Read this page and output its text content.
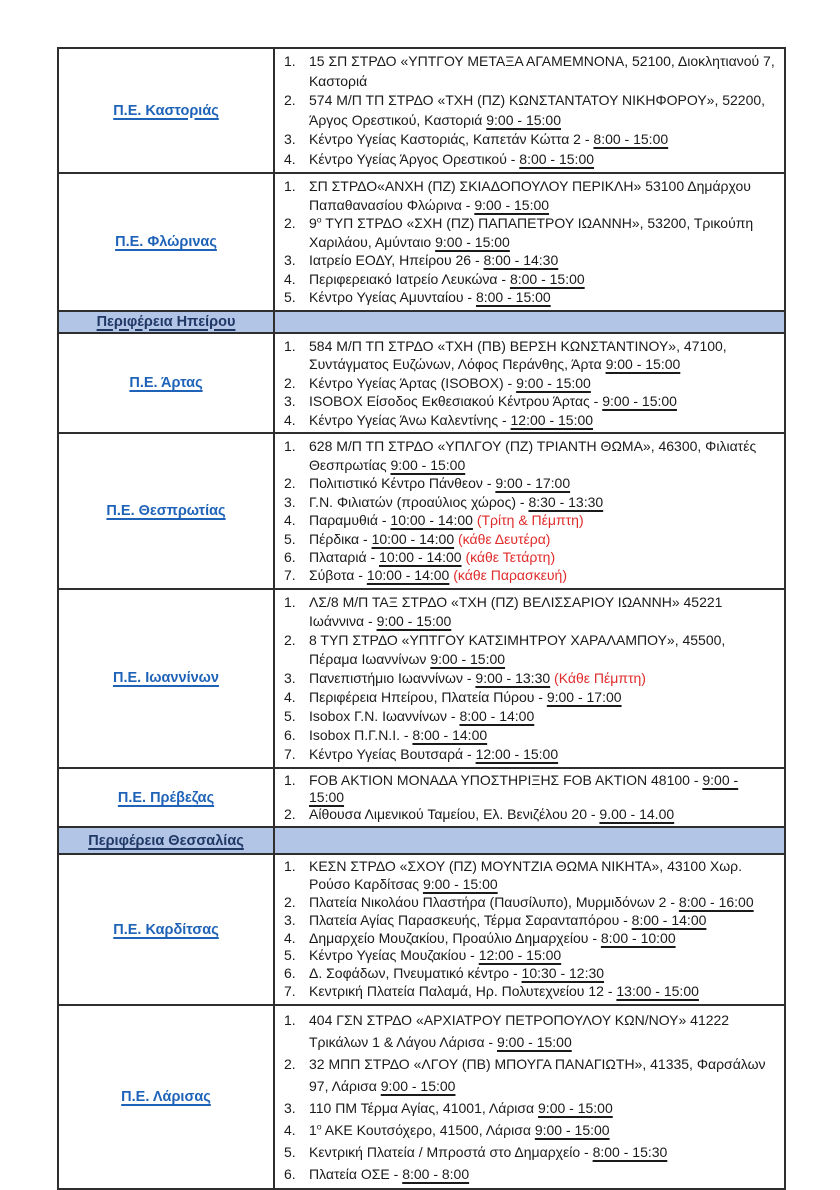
Π.Ε. Καστοριάς
1. 15 ΣΠ ΣΤΡΔΟ «ΥΠΤΓΟΥ ΜΕΤΑΞΑ ΑΓΑΜΕΜΝΟΝΑ, 52100, Διοκλητιανού 7, Καστοριά
2. 574 Μ/Π ΤΠ ΣΤΡΔΟ «ΤΧΗ (ΠΖ) ΚΩΝΣΤΑΝΤΑΤΟΥ ΝΙΚΗΦΟΡΟΥ», 52200, Άργος Ορεστικού, Καστοριά 9:00 - 15:00
3. Κέντρο Υγείας Καστοριάς, Καπετάν Κώττα 2 - 8:00 - 15:00
4. Κέντρο Υγείας Άργος Ορεστικού - 8:00 - 15:00
Π.Ε. Φλώρινας
1. ΣΠ ΣΤΡΔΟ«ΑΝΧΗ (ΠΖ) ΣΚΙΑΔΟΠΟΥΛΟΥ ΠΕΡΙΚΛΗ» 53100 Δημάρχου Παπαθανασίου Φλώρινα - 9:00 - 15:00
2. $9^o$ ΤΥΠ ΣΤΡΔΟ «ΣΧΗ (ΠΖ) ΠΑΠΑΠΕΤΡΟΥ ΙΩΑΝΝΗ», 53200, Τρικούπη Χαριλάου, Αμύνταιο 9:00 - 15:00
3. Ιατρείο ΕΟΔΥ, Ηπείρου 26 - 8:00 - 14:30
4. Περιφερειακό Ιατρείο Λευκώνα - 8:00 - 15:00
5. Κέντρο Υγείας Αμυνταίου - 8:00 - 15:00
Περιφέρεια Ηπείρου
Π.Ε. Άρτας
1. 584 Μ/Π ΤΠ ΣΤΡΔΟ «ΤΧΗ (ΠΒ) ΒΕΡΣΗ ΚΩΝΣΤΑΝΤΙΝΟΥ», 47100, Συντάγματος Ευζώνων, Λόφος Περάνθης, Άρτα 9:00 - 15:00
2. Κέντρο Υγείας Άρτας (ISOBOX) - 9:00 - 15:00
3. ISOBOX Είσοδος Εκθεσιακού Κέντρου Άρτας - 9:00 - 15:00
4. Κέντρο Υγείας Άνω Καλεντίνης - 12:00 - 15:00
Π.Ε. Θεσπρωτίας
1. 628 Μ/Π ΤΠ ΣΤΡΔΟ «ΥΠΛΓΟΥ (ΠΖ) ΤΡΙΑΝΤΗ ΘΩΜΑ», 46300, Φιλιατές Θεσπρωτίας 9:00 - 15:00
2. Πολιτιστικό Κέντρο Πάνθεον - 9:00 - 17:00
3. Γ.Ν. Φιλιατών (προαύλιος χώρος) - 8:30 - 13:30
4. Παραμυθιά - 10:00 - 14:00 (Τρίτη & Πέμπτη)
5. Πέρδικα - 10:00 - 14:00 (κάθε Δευτέρα)
6. Πλαταριά - 10:00 - 14:00 (κάθε Τετάρτη)
7. Σύβοτα - 10:00 - 14:00 (κάθε Παρασκευή)
Π.Ε. Ιωαννίνων
1. ΛΣ/8 Μ/Π ΤΑΞ ΣΤΡΔΟ «ΤΧΗ (ΠΖ) ΒΕΛΙΣΣΑΡΙΟΥ ΙΩΑΝΝΗ» 45221 Ιωάννινα - 9:00 - 15:00
2. 8 ΤΥΠ ΣΤΡΔΟ «ΥΠΤΓΟΥ ΚΑΤΣΙΜΗΤΡΟΥ ΧΑΡΑΛΑΜΠΟΥ», 45500, Πέραμα Ιωαννίνων 9:00 - 15:00
3. Πανεπιστήμιο Ιωαννίνων - 9:00 - 13:30 (Κάθε Πέμπτη)
4. Περιφέρεια Ηπείρου, Πλατεία Πύρου - 9:00 - 17:00
5. Isobox Γ.Ν. Ιωαννίνων - 8:00 - 14:00
6. Isobox Π.Γ.Ν.Ι. - 8:00 - 14:00
7. Κέντρο Υγείας Βουτσαρά - 12:00 - 15:00
Π.Ε. Πρέβεζας
1. FOB AKTION ΜΟΝΑΔΑ ΥΠΟΣΤΗΡΙΞΗΣ FOB AKTION 48100 - 9:00 - 15:00
2. Αίθουσα Λιμενικού Ταμείου, Ελ. Βενιζέλου 20 - 9.00 - 14.00
Περιφέρεια Θεσσαλίας
Π.Ε. Καρδίτσας
1. ΚΕΣΝ ΣΤΡΔΟ «ΣΧΟΥ (ΠΖ) ΜΟΥΝΤΖΙΑ ΘΩΜΑ ΝΙΚΗΤΑ», 43100 Χωρ. Ρούσο Καρδίτσας 9:00 - 15:00
2. Πλατεία Νικολάου Πλαστήρα (Παυσίλυπο), Μυρμιδόνων 2 - 8:00 - 16:00
3. Πλατεία Αγίας Παρασκευής, Τέρμα Σαρανταπόρου - 8:00 - 14:00
4. Δημαρχείο Μουζακίου, Προαύλιο Δημαρχείου - 8:00 - 10:00
5. Κέντρο Υγείας Μουζακίου - 12:00 - 15:00
6. Δ. Σοφάδων, Πνευματικό κέντρο - 10:30 - 12:30
7. Κεντρική Πλατεία Παλαμά, Ηρ. Πολυτεχνείου 12 - 13:00 - 15:00
Π.Ε. Λάρισας
1. 404 ΓΣΝ ΣΤΡΔΟ «ΑΡΧΙΑΤΡΟΥ ΠΕΤΡΟΠΟΥΛΟΥ ΚΩΝ/ΝΟΥ» 41222 Τρικάλων 1 & Λάγου Λάρισα - 9:00 - 15:00
2. 32 ΜΠΠ ΣΤΡΔΟ «ΛΓΟΥ (ΠΒ) ΜΠΟΥΓΑ ΠΑΝΑΓΙΩΤΗ», 41335, Φαρσάλων 97, Λάρισα 9:00 - 15:00
3. 110 ΠΜ Τέρμα Αγίας, 41001, Λάρισα 9:00 - 15:00
4. $1^o$ ΑΚΕ Κουτσόχερο, 41500, Λάρισα 9:00 - 15:00
5. Κεντρική Πλατεία / Μπροστά στο Δημαρχείο - 8:00 - 15:30
6. Πλατεία ΟΣΕ - 8:00 - 8:00
